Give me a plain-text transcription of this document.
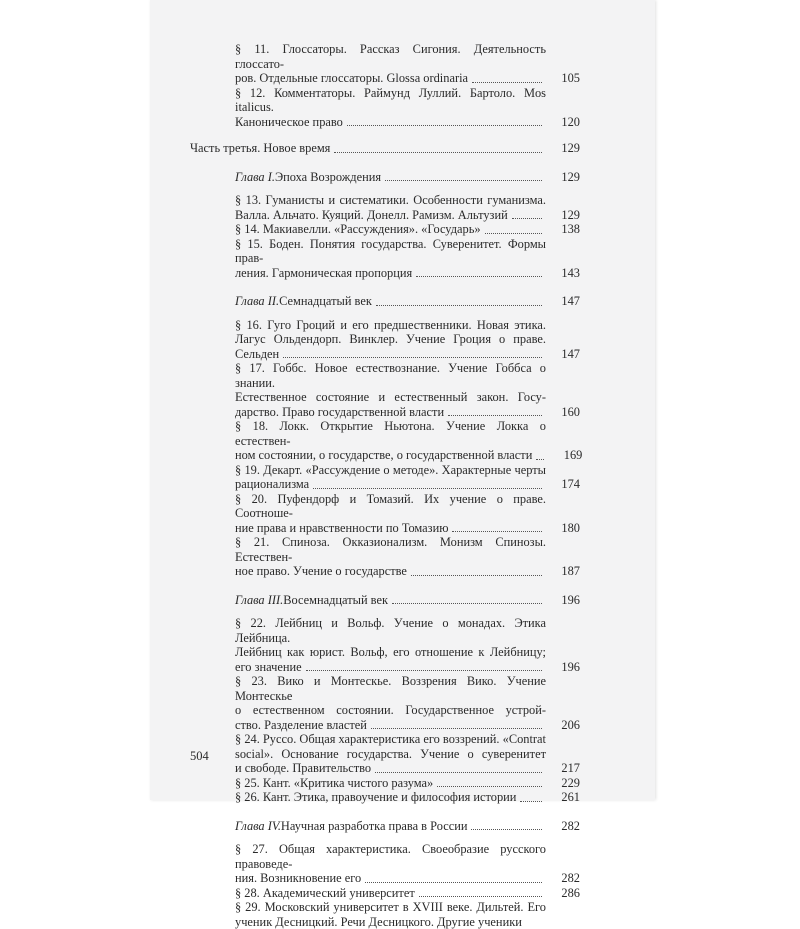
§ 11. Глоссаторы. Рассказ Сигония. Деятельность глоссато-
ров. Отдельные глоссаторы. Glossa ordinaria	105
§ 12. Комментаторы. Раймунд Луллий. Бартоло. Mos italicus.
Каноническое право	120
Часть третья. Новое время	129
Глава I. Эпоха Возрождения	129
§ 13. Гуманисты и систематики. Особенности гуманизма.
Валла. Альчато. Куяций. Донелл. Рамизм. Альтузий	129
§ 14. Макиавелли. «Рассуждения». «Государь»	138
§ 15. Боден. Понятия государства. Суверенитет. Формы прав-
ления. Гармоническая пропорция	143
Глава II. Семнадцатый век	147
§ 16. Гуго Гроций и его предшественники. Новая этика.
Лагус Ольдендорп. Винклер. Учение Гроция о праве.
Сельден	147
§ 17. Гоббс. Новое естествознание. Учение Гоббса о знании.
Естественное состояние и естественный закон. Госу-
дарство. Право государственной власти	160
§ 18. Локк. Открытие Ньютона. Учение Локка о естествен-
ном состоянии, о государстве, о государственной власти	169
§ 19. Декарт. «Рассуждение о методе». Характерные черты
рационализма	174
§ 20. Пуфендорф и Томазий. Их учение о праве. Соотноше-
ние права и нравственности по Томазию	180
§ 21. Спиноза. Окказионализм. Монизм Спинозы. Естествен-
ное право. Учение о государстве	187
Глава III. Восемнадцатый век	196
§ 22. Лейбниц и Вольф. Учение о монадах. Этика Лейбница.
Лейбниц как юрист. Вольф, его отношение к Лейбницу;
его значение	196
§ 23. Вико и Монтескье. Воззрения Вико. Учение Монтескье
о естественном состоянии. Государственное устрой-
ство. Разделение властей	206
§ 24. Руссо. Общая характеристика его воззрений. «Contrat
social». Основание государства. Учение о суверенитет
и свободе. Правительство	217
§ 25. Кант. «Критика чистого разума»	229
§ 26. Кант. Этика, правоучение и философия истории	261
Глава IV. Научная разработка права в России	282
§ 27. Общая характеристика. Своеобразие русского правоведе-
ния. Возникновение его	282
§ 28. Академический университет	286
§ 29. Московский университет в XVIII веке. Дильтей. Его
ученик Десницкий. Речи Десницкого. Другие ученики
504
